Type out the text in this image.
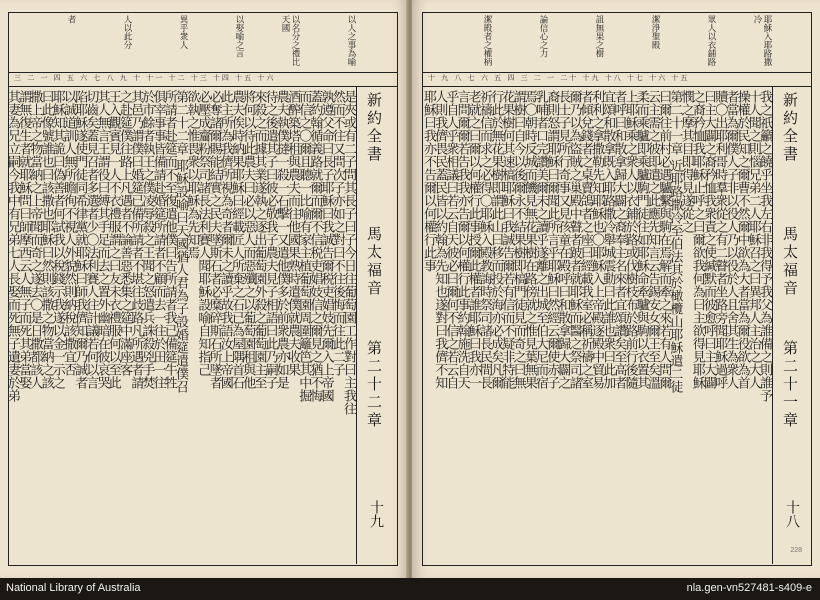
以人之事為喻
以名分之禮比天國
以娶喻之言
異乎衆人
人以此分
者
三 二 一 四 五 六 七 八 九 十 十一 十二 十三 十四 十五 十六
是夾或有二子問其長子曰子今日往葡萄園工作對曰主我往
然而不往又問次子亦如之對曰不往後悔而往此二子
孰遵父命曰長子耶穌曰我誠告爾税吏娼妓先爾入上帝國
蓋約翰循義路就爾而爾不信税吏娼妓信之爾見之猶不悔
而信之〇爾且聽一比喻有家主植葡萄園周圍籬笆其中掘
酒醡築塔租與農夫而往他國果熟時遣僕就農夫收果
農夫執僕撻一殺一石擊一又遣他僕多於前衆農亦如是
待之後遣其子曰彼必敬我子農夫見子相語曰此乃嗣子
來殺之而據其業遂執之逐出葡萄園外殺之葡萄園主至
將何以待此農夫曰必以惡人而惡殲之以葡萄園租與他
農夫俟時納果耶穌曰經載匠人所棄之石已為屋隅首石
此主所為我儕所視為奇者爾未之讀乎故我語汝上帝國
必奪諸爾賜能結實之民夫墜斯石者必糜碎斯石所墜者
必壓成齏粉祭司諸長法利賽人聞耶穌設喻自知指己
欲執之惟畏衆以耶穌為先知焉
第二十二章 耶穌設喻曰天國猶人君為子設婚筵遣僕召
所請者赴筵而不至復遣他僕曰告所請者我已備筵牛牲
俱宰事事皆備請赴婚筵所請者不顧而去一往於田一往
於市餘者執王之僕凌辱殺之王聞之怒遣兵誅殺兇手焚
其邑乃謂僕曰婚筵已備所請者不堪往歧路凡所遇者請
之赴筵僕往路上凡遇者不論善惡悉集之筵中滿座客
王入觀賓見一人不衣禮服謂之曰友未衣禮服何以至此
其人無言王謂役曰縛其手足而去之置外幽暗在彼哀哭
切齒矣蓋見召者多選者少〇法利賽人往計議若何以言
陷耶穌遂使門徒同希律黨就耶穌曰師我儕知爾乃誠者
以誠道訓人無所瞻徇不視人外貌然則納稅該撒宜否
耶穌知其詭曰偽善者何試我以稅錢示我遂以金一示之
曰此像號誰也曰該撒也耶穌曰然則該撒之物當納之該
撒上帝之物當納之上帝聞而奇之遂去〇是日撒都該人
謂無復生者就耶穌問曰師摩西云人無子而死其弟當娶
其妻為兄立嗣今我中有兄弟七人長娶而死無子遺妻於弟	新約全書
馬太福音
第二十二章
十九
耶穌入耶路撒冷
眾人以衣鋪路
潔淨聖殿
詛無果之樹
論信心之力
潔殿者之權柄
十 九 八 七 六 五 四 三 二 一 二十 十九 十八 十七 十六 十五
我之祇籲之饒乎坐我左右非我得予我父為誰備之則誰予
十人聞之則惱兄弟二人耶穌召之曰異邦人主治之大人
操權於民知之爾曹不然爾中欲為大者當為爾役欲為首
者當為爾僕人子非以役人乃以役於人且舍其生為衆人
贖〇出耶利哥時羣衆從之有二瞽者坐路旁聞耶穌過呼
曰主大闢之裔矜恤我衆責之使緘默而彼愈呼曰主大闢
之裔矜恤我耶穌止呼之曰爾欲我何為曰主欲得見耶穌
憫之摩其目即得見遂從之
第二十一章 近耶路撒冷至伯法其於橄欖山耶穌遣二徒
曰爾往前村必遇驢繫與駒在焉解而牽之來若有人問爾
云主需之彼即遣之此應先知言云告錫安女爾王至矣溫
柔而乘驢即乘驢駒門徒往如耶穌命牽驢與駒以衣置其
上耶穌乘之衆人以衣鋪於路或伐樹枝布於路前行後隨
者呼曰和散拿歸大闢之裔奉主名來者宜頌讚矣至高者
宜頌和散拿既入耶路撒冷舉城震動曰此誰也衆曰此加
利利之拿撒勒先知耶穌也〇耶穌入上帝殿逐殿中貿易
者傾兌錢者之桌賣鴿者之座曰經載我室必稱祈禱之室
爾乃以為盜賊之巢殿中瞽者跛者就耶穌而醫之祭司諸
長士子見所行奇事又見孩童在殿呼曰和散拿歸大闢之
裔則怒謂耶穌曰爾聞此所言乎耶穌曰然經云爾使赤子
乳哺者口完讚美爾未之讀乎遂離之出城至伯大尼而宿
焉〇朝時反城而饑見無花果樹在路傍就之惟見葉無果
謂樹曰自今以後爾永不結果樹即槁門徒見而奇之曰無
花果樹何其速槁耶穌曰我誠告爾若有信而不疑非特能
行此於無花果樹即謂此山曰移而投於海亦必成矣凡爾
祈禱信而求之必得〇耶穌入殿教誨時祭司諸長民間長
老就之曰爾以何權行此事授爾此權者誰耶穌曰我亦一
言問爾爾若告我我亦告爾以何權行此事約翰施洗自天
乎自人乎衆相議曰若云自天彼必曰爾何不信之若云自
人則我儕畏民蓋民皆以約翰為先知也遂對曰我儕不知
耶穌曰我亦不告爾以何權行此事	新約全書
馬太福音
第二十一章
十八
228
National Library of Australia	nla.gen-vn527481-s409-e
